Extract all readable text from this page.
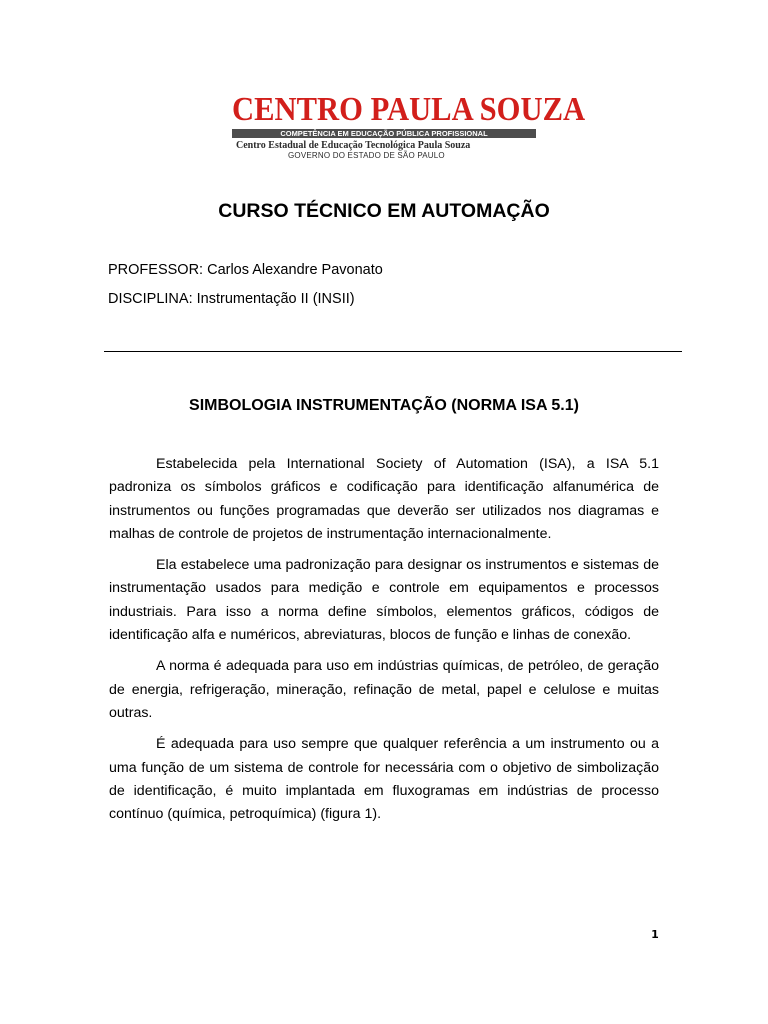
CENTRO PAULA SOUZA
COMPETÊNCIA EM EDUCAÇÃO PÚBLICA PROFISSIONAL
Centro Estadual de Educação Tecnológica Paula Souza
GOVERNO DO ESTADO DE SÃO PAULO
CURSO TÉCNICO EM AUTOMAÇÃO
PROFESSOR: Carlos Alexandre Pavonato
DISCIPLINA: Instrumentação II (INSII)
SIMBOLOGIA INSTRUMENTAÇÃO (NORMA ISA 5.1)

Estabelecida pela International Society of Automation (ISA), a ISA 5.1 padroniza os símbolos gráficos e codificação para identificação alfanumérica de instrumentos ou funções programadas que deverão ser utilizados nos diagramas e malhas de controle de projetos de instrumentação internacionalmente.

Ela estabelece uma padronização para designar os instrumentos e sistemas de instrumentação usados para medição e controle em equipamentos e processos industriais. Para isso a norma define símbolos, elementos gráficos, códigos de identificação alfa e numéricos, abreviaturas, blocos de função e linhas de conexão.

A norma é adequada para uso em indústrias químicas, de petróleo, de geração de energia, refrigeração, mineração, refinação de metal, papel e celulose e muitas outras.

É adequada para uso sempre que qualquer referência a um instrumento ou a uma função de um sistema de controle for necessária com o objetivo de simbolização de identificação, é muito implantada em fluxogramas em indústrias de processo contínuo (química, petroquímica) (figura 1).

1
